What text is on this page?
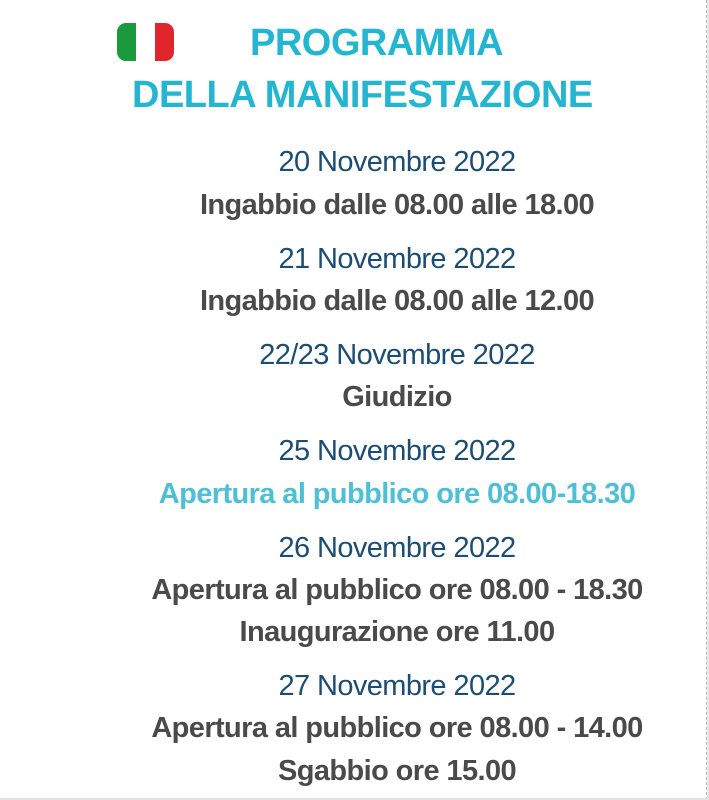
PROGRAMMA
DELLA MANIFESTAZIONE
20 Novembre 2022
Ingabbio dalle 08.00 alle 18.00
21 Novembre 2022
Ingabbio dalle 08.00 alle 12.00
22/23 Novembre 2022
Giudizio
25 Novembre 2022
Apertura al pubblico ore 08.00-18.30
26 Novembre 2022
Apertura al pubblico ore 08.00 - 18.30
Inaugurazione ore 11.00
27 Novembre 2022
Apertura al pubblico ore 08.00 - 14.00
Sgabbio ore 15.00
